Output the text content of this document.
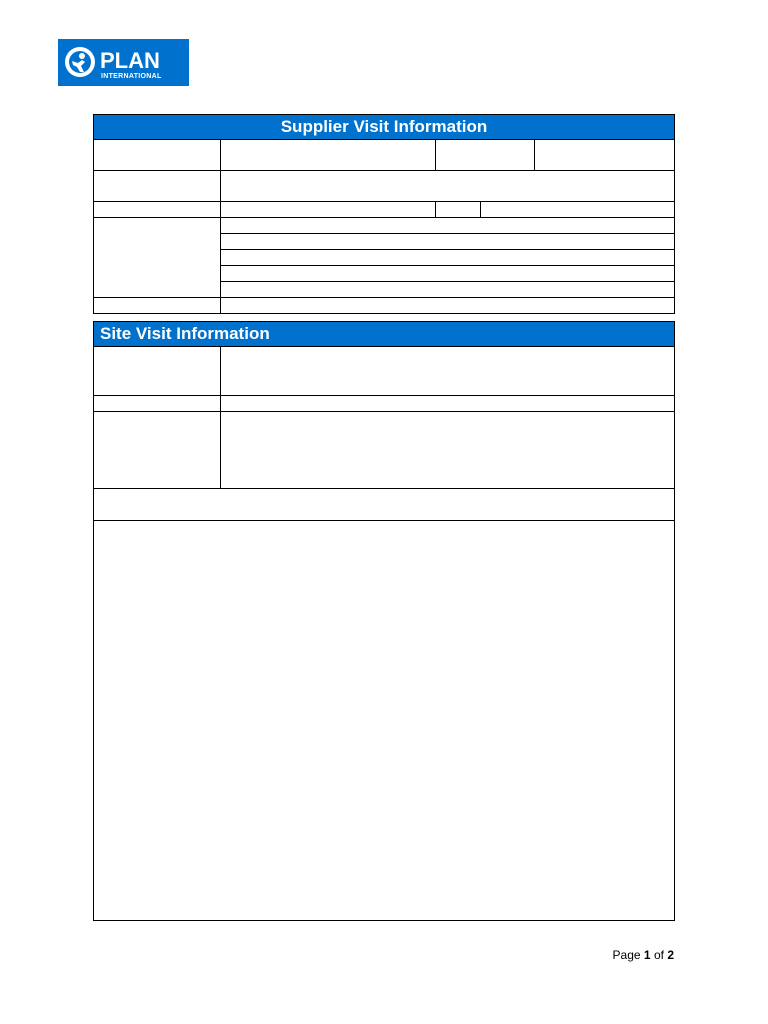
PLAN
INTERNATIONAL
Supplier Visit Information
Site Visit Information
Page 1 of 2
